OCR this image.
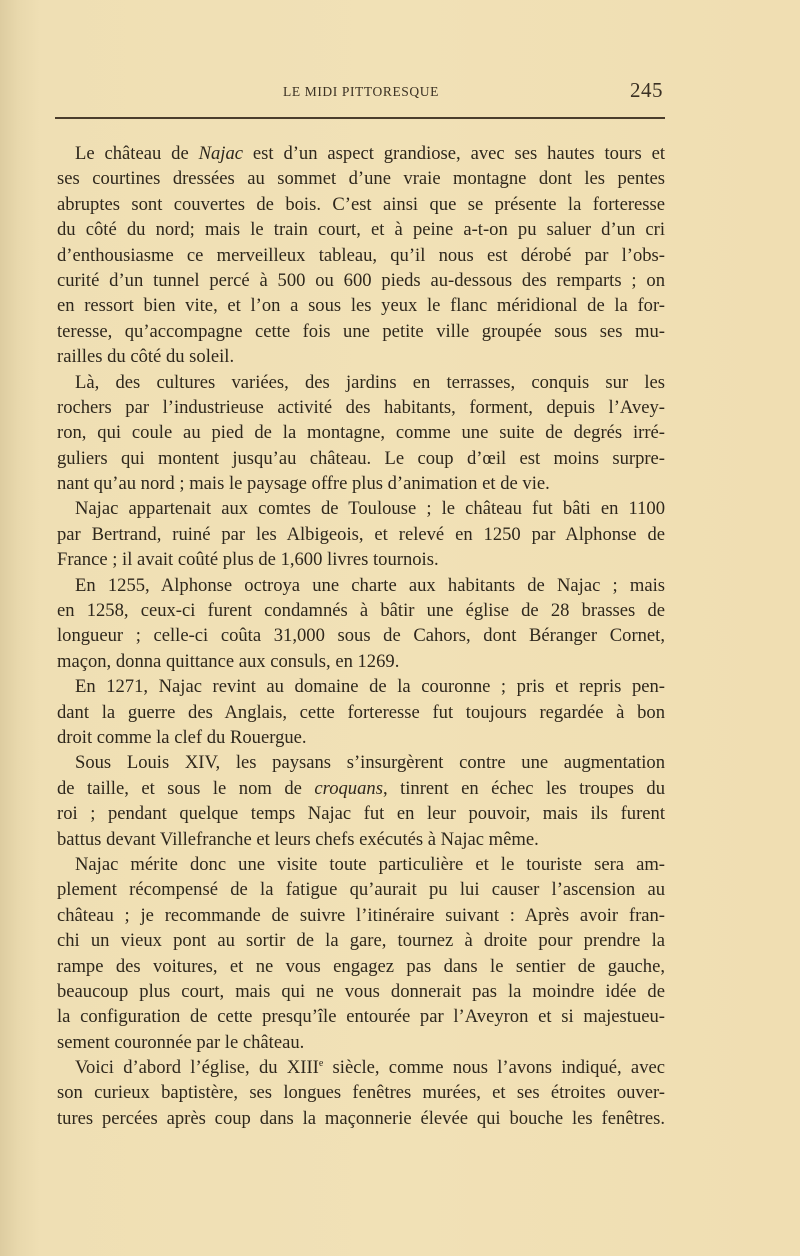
LE MIDI PITTORESQUE	245
Le château de Najac est d’un aspect grandiose, avec ses hautes tours et
ses courtines dressées au sommet d’une vraie montagne dont les pentes
abruptes sont couvertes de bois. C’est ainsi que se présente la forteresse
du côté du nord; mais le train court, et à peine a-t-on pu saluer d’un cri
d’enthousiasme ce merveilleux tableau, qu’il nous est dérobé par l’obs-
curité d’un tunnel percé à 500 ou 600 pieds au-dessous des remparts ; on
en ressort bien vite, et l’on a sous les yeux le flanc méridional de la for-
teresse, qu’accompagne cette fois une petite ville groupée sous ses mu-
railles du côté du soleil.
Là, des cultures variées, des jardins en terrasses, conquis sur les
rochers par l’industrieuse activité des habitants, forment, depuis l’Avey-
ron, qui coule au pied de la montagne, comme une suite de degrés irré-
guliers qui montent jusqu’au château. Le coup d’œil est moins surpre-
nant qu’au nord ; mais le paysage offre plus d’animation et de vie.
Najac appartenait aux comtes de Toulouse ; le château fut bâti en 1100
par Bertrand, ruiné par les Albigeois, et relevé en 1250 par Alphonse de
France ; il avait coûté plus de 1,600 livres tournois.
En 1255, Alphonse octroya une charte aux habitants de Najac ; mais
en 1258, ceux-ci furent condamnés à bâtir une église de 28 brasses de
longueur ; celle-ci coûta 31,000 sous de Cahors, dont Béranger Cornet,
maçon, donna quittance aux consuls, en 1269.
En 1271, Najac revint au domaine de la couronne ; pris et repris pen-
dant la guerre des Anglais, cette forteresse fut toujours regardée à bon
droit comme la clef du Rouergue.
Sous Louis XIV, les paysans s’insurgèrent contre une augmentation
de taille, et sous le nom de croquans, tinrent en échec les troupes du
roi ; pendant quelque temps Najac fut en leur pouvoir, mais ils furent
battus devant Villefranche et leurs chefs exécutés à Najac même.
Najac mérite donc une visite toute particulière et le touriste sera am-
plement récompensé de la fatigue qu’aurait pu lui causer l’ascension au
château ; je recommande de suivre l’itinéraire suivant : Après avoir fran-
chi un vieux pont au sortir de la gare, tournez à droite pour prendre la
rampe des voitures, et ne vous engagez pas dans le sentier de gauche,
beaucoup plus court, mais qui ne vous donnerait pas la moindre idée de
la configuration de cette presqu’île entourée par l’Aveyron et si majestueu-
sement couronnée par le château.
Voici d’abord l’église, du XIIIe siècle, comme nous l’avons indiqué, avec
son curieux baptistère, ses longues fenêtres murées, et ses étroites ouver-
tures percées après coup dans la maçonnerie élevée qui bouche les fenêtres.
